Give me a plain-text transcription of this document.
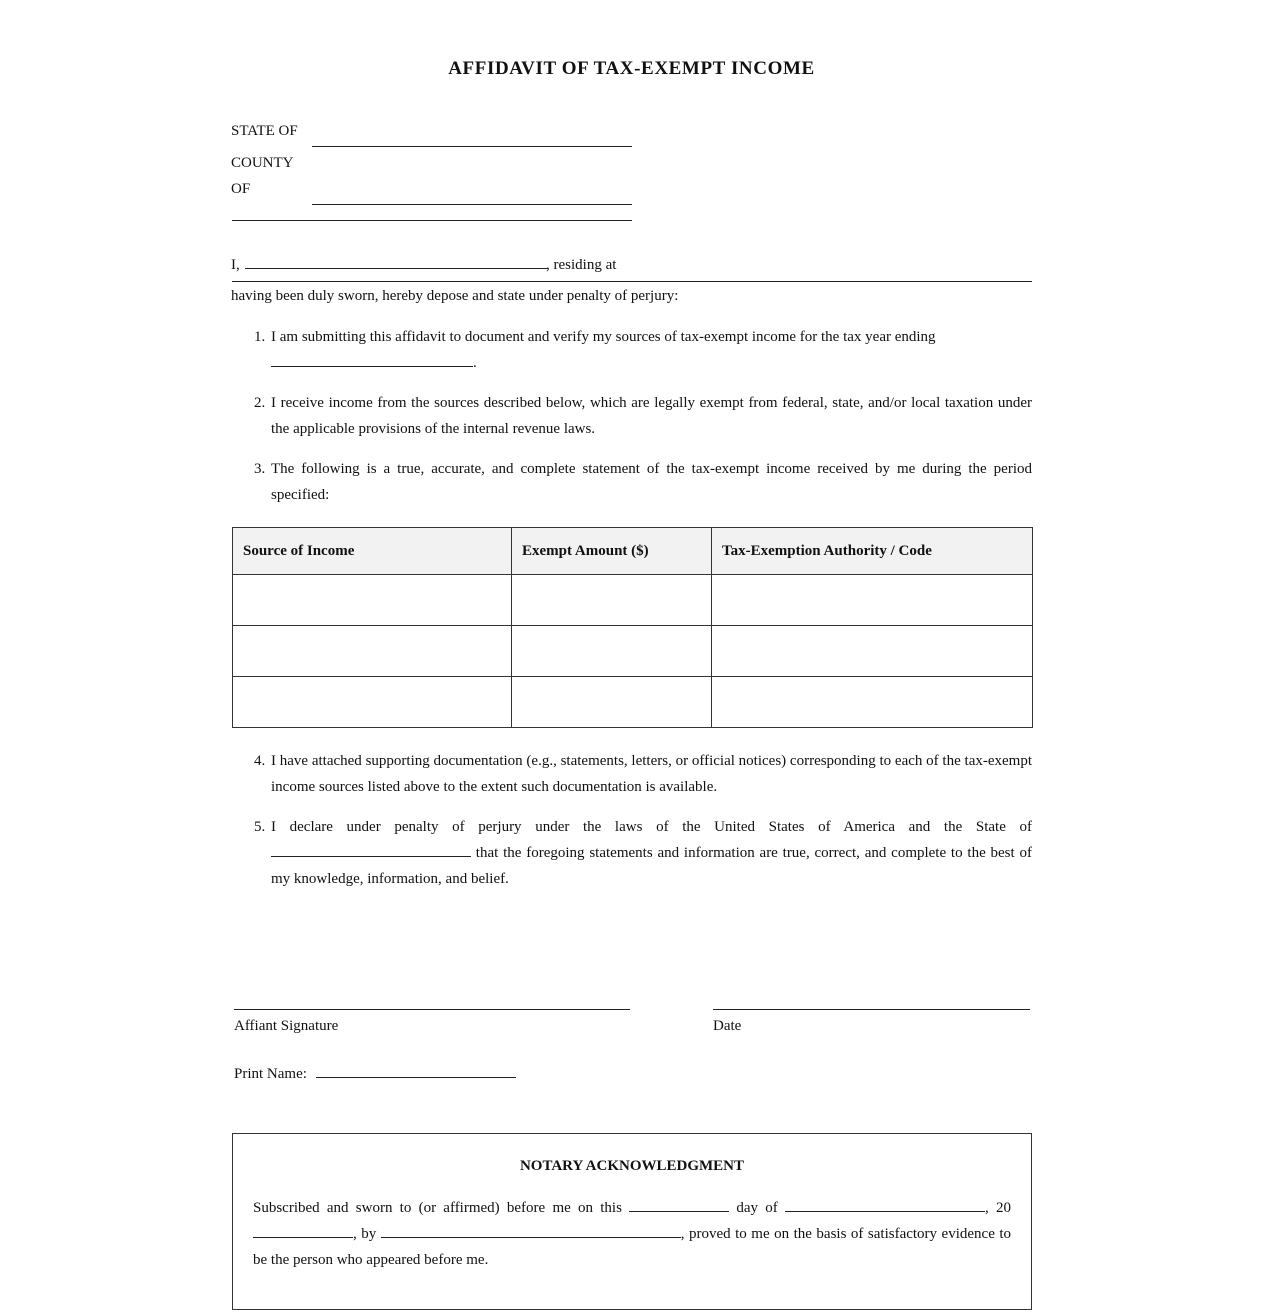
AFFIDAVIT OF TAX-EXEMPT INCOME
STATE OF
COUNTY
OF
I,	, residing at
having been duly sworn, hereby depose and state under penalty of perjury:
1. I am submitting this affidavit to document and verify my sources of tax-exempt income for the tax year ending
.
2. I receive income from the sources described below, which are legally exempt from federal, state, and/or local taxation under the applicable provisions of the internal revenue laws.
3. The following is a true, accurate, and complete statement of the tax-exempt income received by me during the period specified:
Source of Income	Exempt Amount ($)	Tax-Exemption Authority / Code

4. I have attached supporting documentation (e.g., statements, letters, or official notices) corresponding to each of the tax-exempt income sources listed above to the extent such documentation is available.
5. I declare under penalty of perjury under the laws of the United States of America and the State of  that the foregoing statements and information are true, correct, and complete to the best of my knowledge, information, and belief.
Affiant Signature	Date
Print Name:
NOTARY ACKNOWLEDGMENT
Subscribed and sworn to (or affirmed) before me on this	day of	, 20 , by	, proved to me on the basis of satisfactory evidence to be the person who appeared before me.
